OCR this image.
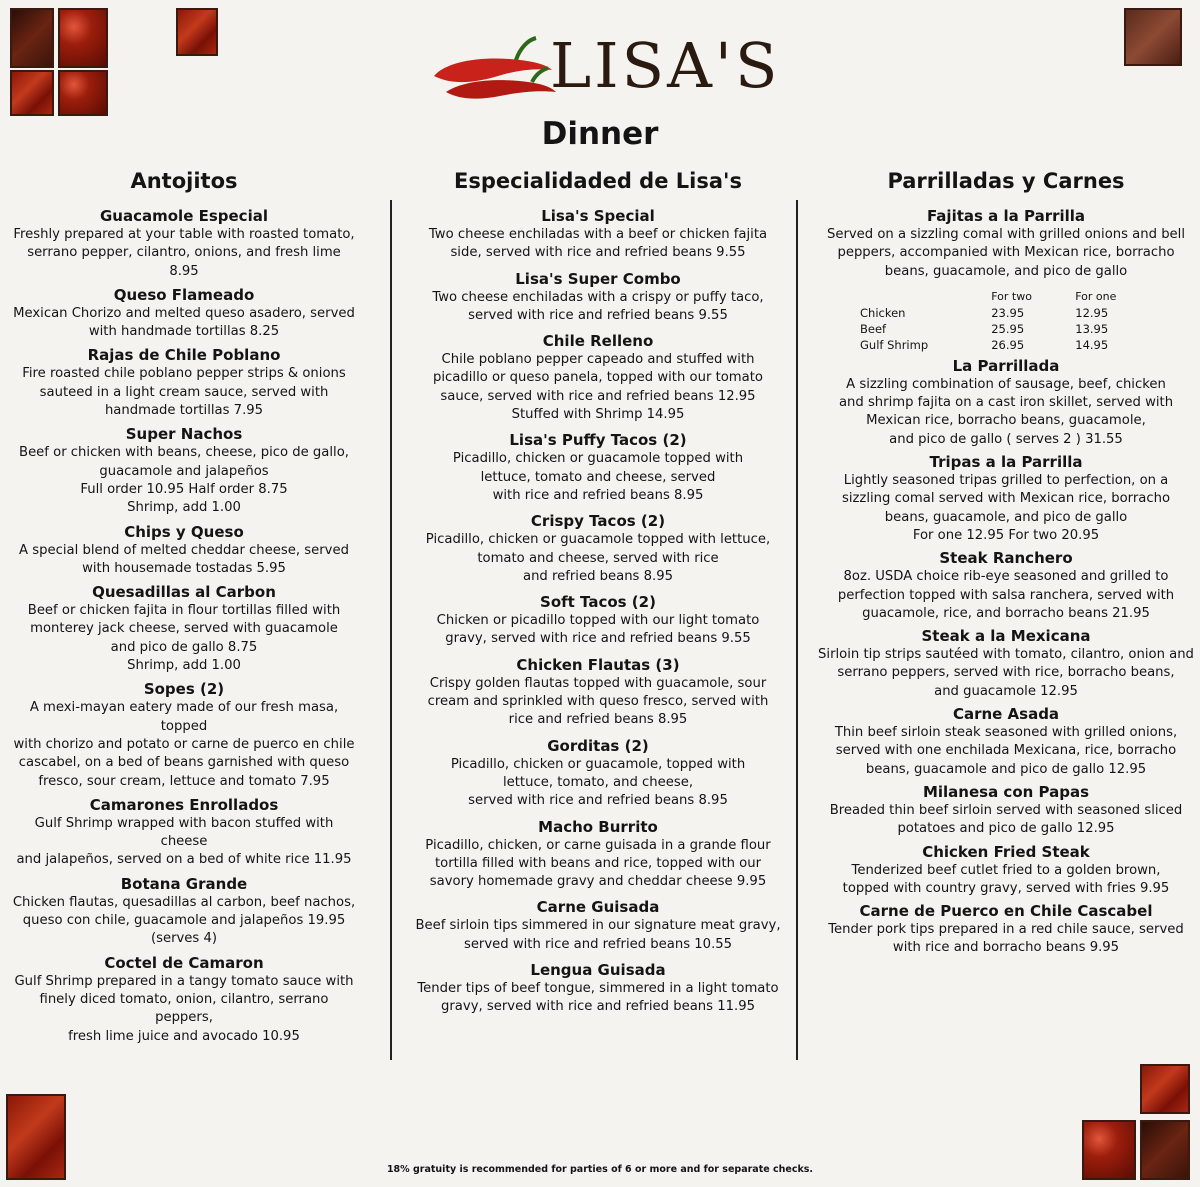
LISA'S
Dinner
Antojitos
Guacamole Especial
Freshly prepared at your table with roasted tomato,
serrano pepper, cilantro, onions, and fresh lime 8.95
Queso Flameado
Mexican Chorizo and melted queso asadero, served
with handmade tortillas 8.25
Rajas de Chile Poblano
Fire roasted chile poblano pepper strips & onions
sauteed in a light cream sauce, served with
handmade tortillas 7.95
Super Nachos
Beef or chicken with beans, cheese, pico de gallo,
guacamole and jalapeños
Full order 10.95 Half order 8.75
Shrimp, add 1.00
Chips y Queso
A special blend of melted cheddar cheese, served
with housemade tostadas 5.95
Quesadillas al Carbon
Beef or chicken fajita in flour tortillas filled with
monterey jack cheese, served with guacamole
and pico de gallo 8.75
Shrimp, add 1.00
Sopes (2)
A mexi-mayan eatery made of our fresh masa, topped
with chorizo and potato or carne de puerco en chile
cascabel, on a bed of beans garnished with queso
fresco, sour cream, lettuce and tomato 7.95
Camarones Enrollados
Gulf Shrimp wrapped with bacon stuffed with cheese
and jalapeños, served on a bed of white rice 11.95
Botana Grande
Chicken flautas, quesadillas al carbon, beef nachos,
queso con chile, guacamole and jalapeños 19.95
(serves 4)
Coctel de Camaron
Gulf Shrimp prepared in a tangy tomato sauce with
finely diced tomato, onion, cilantro, serrano peppers,
fresh lime juice and avocado 10.95
Especialidaded de Lisa's
Lisa's Special
Two cheese enchiladas with a beef or chicken fajita
side, served with rice and refried beans 9.55
Lisa's Super Combo
Two cheese enchiladas with a crispy or puffy taco,
served with rice and refried beans 9.55
Chile Relleno
Chile poblano pepper capeado and stuffed with
picadillo or queso panela, topped with our tomato
sauce, served with rice and refried beans 12.95
Stuffed with Shrimp 14.95
Lisa's Puffy Tacos (2)
Picadillo, chicken or guacamole topped with
lettuce, tomato and cheese, served
with rice and refried beans 8.95
Crispy Tacos (2)
Picadillo, chicken or guacamole topped with lettuce,
tomato and cheese, served with rice
and refried beans 8.95
Soft Tacos (2)
Chicken or picadillo topped with our light tomato
gravy, served with rice and refried beans 9.55
Chicken Flautas (3)
Crispy golden flautas topped with guacamole, sour
cream and sprinkled with queso fresco, served with
rice and refried beans 8.95
Gorditas (2)
Picadillo, chicken or guacamole, topped with
lettuce, tomato, and cheese,
served with rice and refried beans 8.95
Macho Burrito
Picadillo, chicken, or carne guisada in a grande flour
tortilla filled with beans and rice, topped with our
savory homemade gravy and cheddar cheese 9.95
Carne Guisada
Beef sirloin tips simmered in our signature meat gravy,
served with rice and refried beans 10.55
Lengua Guisada
Tender tips of beef tongue, simmered in a light tomato
gravy, served with rice and refried beans 11.95
Parrilladas y Carnes
Fajitas a la Parrilla
Served on a sizzling comal with grilled onions and bell
peppers, accompanied with Mexican rice, borracho
beans, guacamole, and pico de gallo
	For two	For one
Chicken	23.95	12.95
Beef	25.95	13.95
Gulf Shrimp	26.95	14.95
La Parrillada
A sizzling combination of sausage, beef, chicken
and shrimp fajita on a cast iron skillet, served with
Mexican rice, borracho beans, guacamole,
and pico de gallo ( serves 2 ) 31.55
Tripas a la Parrilla
Lightly seasoned tripas grilled to perfection, on a
sizzling comal served with Mexican rice, borracho
beans, guacamole, and pico de gallo
For one 12.95 For two 20.95
Steak Ranchero
8oz. USDA choice rib-eye seasoned and grilled to
perfection topped with salsa ranchera, served with
guacamole, rice, and borracho beans 21.95
Steak a la Mexicana
Sirloin tip strips sautéed with tomato, cilantro, onion and
serrano peppers, served with rice, borracho beans,
and guacamole 12.95
Carne Asada
Thin beef sirloin steak seasoned with grilled onions,
served with one enchilada Mexicana, rice, borracho
beans, guacamole and pico de gallo 12.95
Milanesa con Papas
Breaded thin beef sirloin served with seasoned sliced
potatoes and pico de gallo 12.95
Chicken Fried Steak
Tenderized beef cutlet fried to a golden brown,
topped with country gravy, served with fries 9.95
Carne de Puerco en Chile Cascabel
Tender pork tips prepared in a red chile sauce, served
with rice and borracho beans 9.95
18% gratuity is recommended for parties of 6 or more and for separate checks.
